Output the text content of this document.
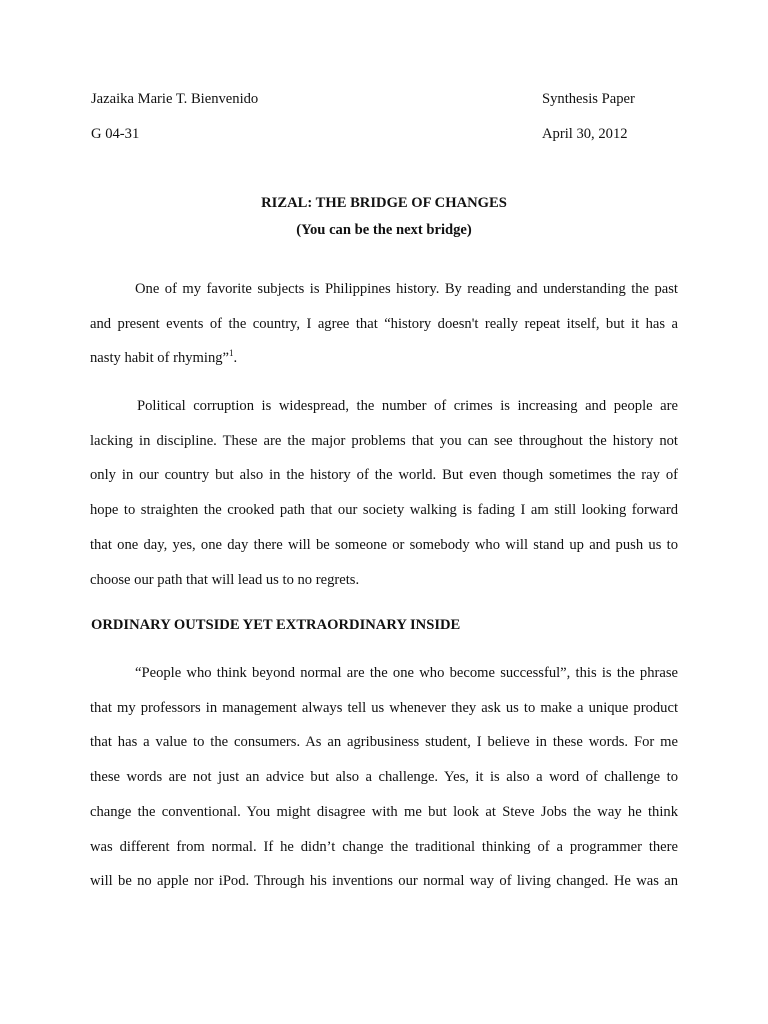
Jazaika Marie T. Bienvenido	Synthesis Paper
G 04-31	April 30, 2012
RIZAL: THE BRIDGE OF CHANGES
(You can be the next bridge)
One of my favorite subjects is Philippines history. By reading and understanding the past
and present events of the country, I agree that “history doesn't really repeat itself, but it has a
nasty habit of rhyming”$^1$.
Political corruption is widespread, the number of crimes is increasing and people are
lacking in discipline. These are the major problems that you can see throughout the history not
only in our country but also in the history of the world. But even though sometimes the ray of
hope to straighten the crooked path that our society walking is fading I am still looking forward
that one day, yes, one day there will be someone or somebody who will stand up and push us to
choose our path that will lead us to no regrets.
ORDINARY OUTSIDE YET EXTRAORDINARY INSIDE
“People who think beyond normal are the one who become successful”, this is the phrase
that my professors in management always tell us whenever they ask us to make a unique product
that has a value to the consumers. As an agribusiness student, I believe in these words. For me
these words are not just an advice but also a challenge. Yes, it is also a word of challenge to
change the conventional. You might disagree with me but look at Steve Jobs the way he think
was different from normal. If he didn’t change the traditional thinking of a programmer there
will be no apple nor iPod. Through his inventions our normal way of living changed. He was an
